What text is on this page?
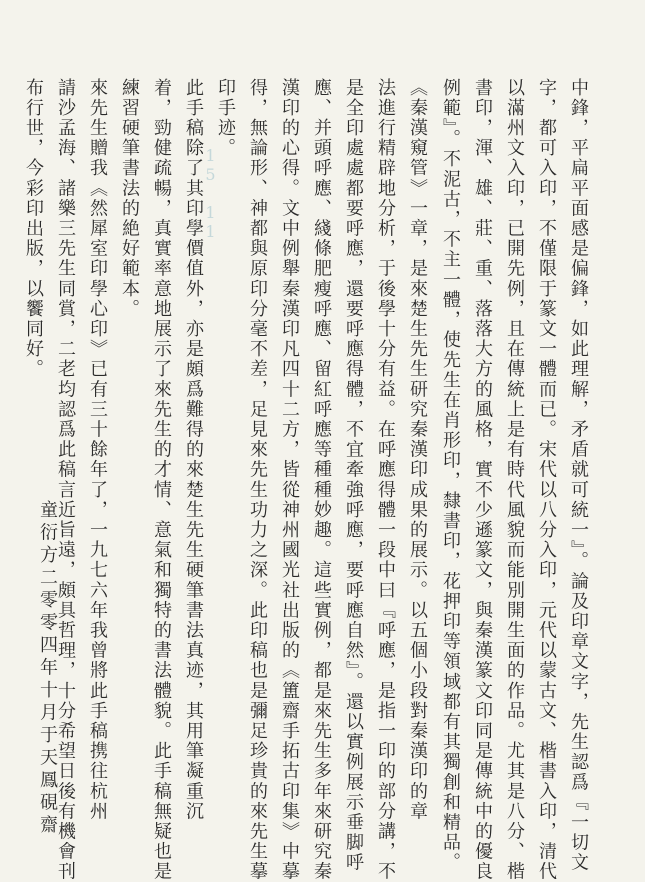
中鋒，平扁平面感是偏鋒，如此理解，矛盾就可統一』。論及印章文字，先生認爲『一切文
字，都可入印，不僅限于篆文一體而已。宋代以八分入印，元代以蒙古文、楷書入印，清代
以滿州文入印，已開先例，且在傳統上是有時代風貌而能別開生面的作品。尤其是八分、楷
書印，渾、雄、莊、重、落落大方的風格，實不少遜篆文，與秦漢篆文印同是傳統中的優良
例範』。不泥古，不主一體，使先生在肖形印，隸書印，花押印等領域都有其獨創和精品。
《秦漢窺管》一章，是來楚生先生研究秦漢印成果的展示。以五個小段對秦漢印的章
法進行精辟地分析，于後學十分有益。在呼應得體一段中曰『呼應，是指一印的部分講，不
是全印處處都要呼應，還要呼應得體，不宜牽強呼應，要呼應自然』。還以實例展示垂脚呼
應、并頭呼應、綫條肥瘦呼應、留紅呼應等種種妙趣。這些實例，都是來先生多年來研究秦
漢印的心得。文中例舉秦漢印凡四十二方，皆從神州國光社出版的《簠齋手拓古印集》中摹
得，無論形、神都與原印分毫不差，足見來先生功力之深。此印稿也是彌足珍貴的來先生摹
印手迹。
此手稿除了其印學價值外，亦是頗爲難得的來楚生先生硬筆書法真迹，其用筆凝重沉
着，勁健疏暢，真實率意地展示了來先生的才情、意氣和獨特的書法體貌。此手稿無疑也是
練習硬筆書法的絶好範本。
來先生贈我《然犀室印學心印》已有三十餘年了，一九七六年我曾將此手稿携往杭州
請沙孟海、諸樂三先生同賞，二老均認爲此稿言近旨遠，頗具哲理，十分希望日後有機會刊
布行世，今彩印出版，以饗同好。	15 11
童衍方二零零四年十月于天鳳硯齋
